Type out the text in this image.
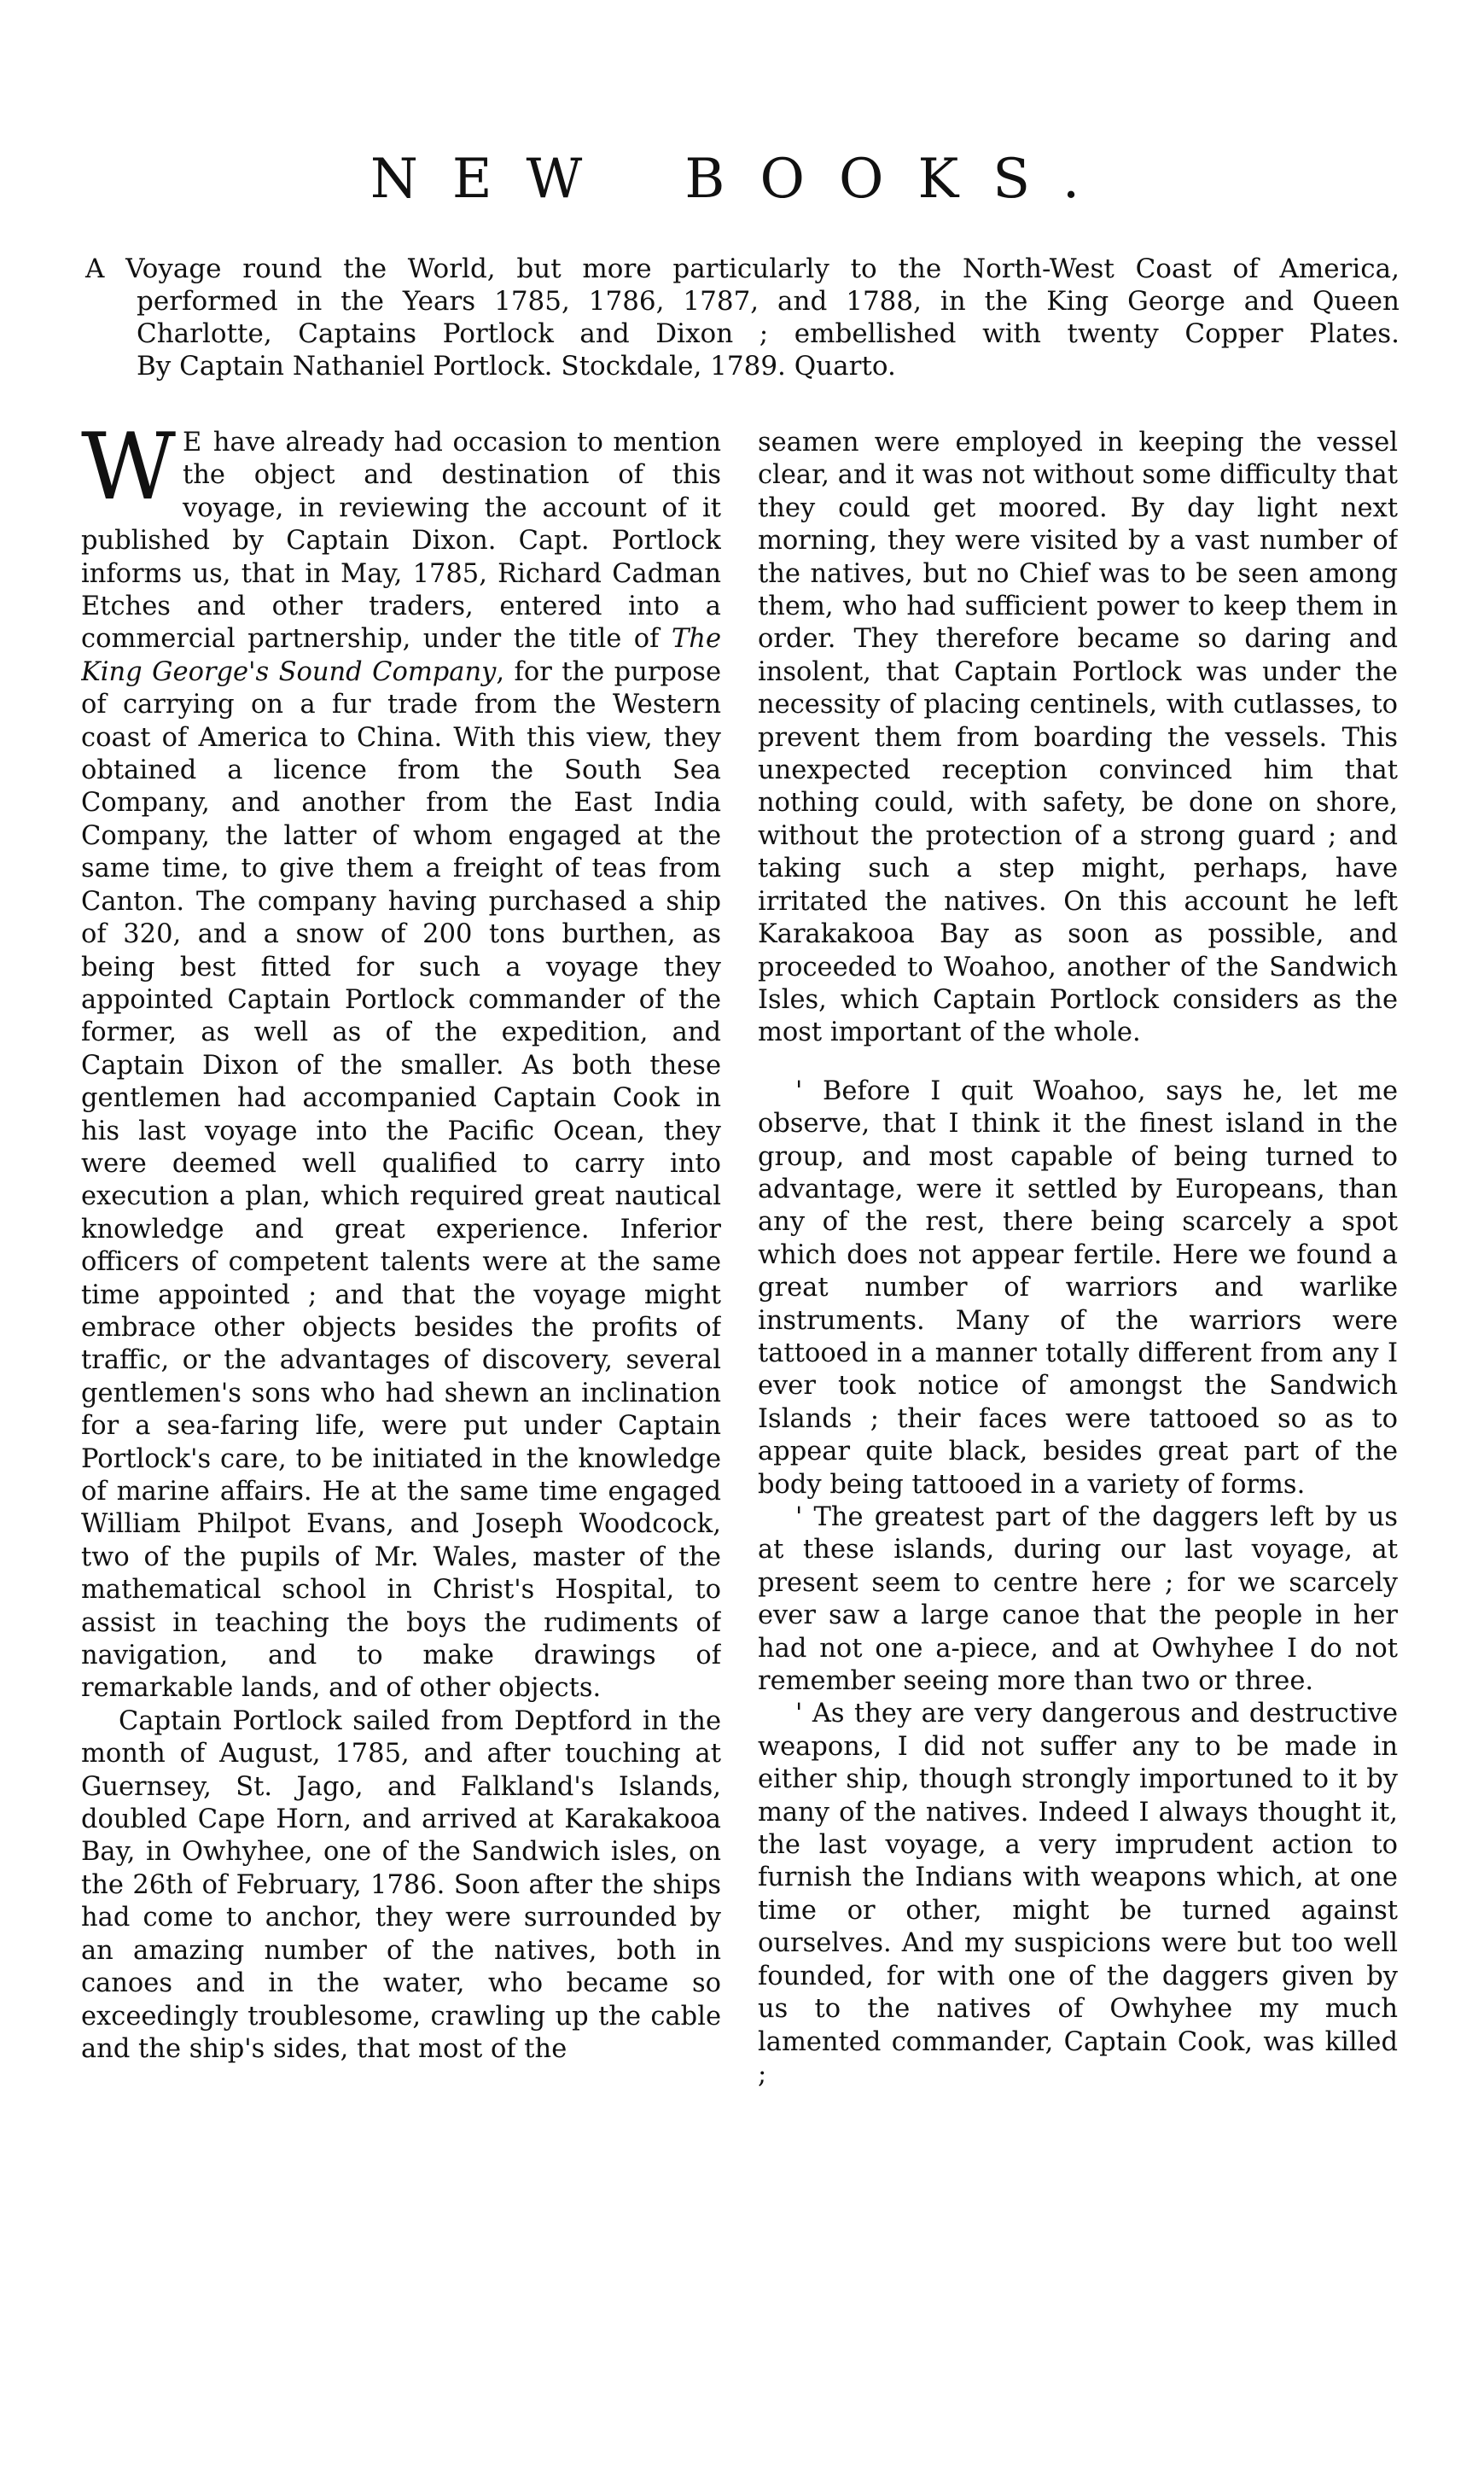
NEW BOOKS.
A Voyage round the World, but more particularly to the North-West Coast of America,
performed in the Years 1785, 1786, 1787, and 1788, in the King George and Queen
Charlotte, Captains Portlock and Dixon ; embellished with twenty Copper Plates.
By Captain Nathaniel Portlock. Stockdale, 1789. Quarto.

W E have already had occasion to mention the object and destination of this voyage, in reviewing the account of it published by Captain Dixon. Capt. Portlock informs us, that in May, 1785, Richard Cadman Etches and other traders, entered into a commercial partnership, under the title of The King George's Sound Company, for the purpose of carrying on a fur trade from the Western coast of America to China. With this view, they obtained a licence from the South Sea Company, and another from the East India Company, the latter of whom engaged at the same time, to give them a freight of teas from Canton. The company having purchased a ship of 320, and a snow of 200 tons burthen, as being best fitted for such a voyage they appointed Captain Portlock commander of the former, as well as of the expedition, and Captain Dixon of the smaller. As both these gentlemen had accompanied Captain Cook in his last voyage into the Pacific Ocean, they were deemed well qualified to carry into execution a plan, which required great nautical knowledge and great experience. Inferior officers of competent talents were at the same time appointed ; and that the voyage might embrace other objects besides the profits of traffic, or the advantages of discovery, several gentlemen's sons who had shewn an inclination for a sea-faring life, were put under Captain Portlock's care, to be initiated in the knowledge of marine affairs. He at the same time engaged William Philpot Evans, and Joseph Woodcock, two of the pupils of Mr. Wales, master of the mathematical school in Christ's Hospital, to assist in teaching the boys the rudiments of navigation, and to make drawings of remarkable lands, and of other objects.

Captain Portlock sailed from Deptford in the month of August, 1785, and after touching at Guernsey, St. Jago, and Falkland's Islands, doubled Cape Horn, and arrived at Karakakooa Bay, in Owhyhee, one of the Sandwich isles, on the 26th of February, 1786. Soon after the ships had come to anchor, they were surrounded by an amazing number of the natives, both in canoes and in the water, who became so exceedingly troublesome, crawling up the cable and the ship's sides, that most of the

seamen were employed in keeping the vessel clear, and it was not without some difficulty that they could get moored. By day light next morning, they were visited by a vast number of the natives, but no Chief was to be seen among them, who had sufficient power to keep them in order. They therefore became so daring and insolent, that Captain Portlock was under the necessity of placing centinels, with cutlasses, to prevent them from boarding the vessels. This unexpected reception convinced him that nothing could, with safety, be done on shore, without the protection of a strong guard ; and taking such a step might, perhaps, have irritated the natives. On this account he left Karakakooa Bay as soon as possible, and proceeded to Woahoo, another of the Sandwich Isles, which Captain Portlock considers as the most important of the whole.

' Before I quit Woahoo, says he, let me observe, that I think it the finest island in the group, and most capable of being turned to advantage, were it settled by Europeans, than any of the rest, there being scarcely a spot which does not appear fertile. Here we found a great number of warriors and warlike instruments. Many of the warriors were tattooed in a manner totally different from any I ever took notice of amongst the Sandwich Islands ; their faces were tattooed so as to appear quite black, besides great part of the body being tattooed in a variety of forms.

' The greatest part of the daggers left by us at these islands, during our last voyage, at present seem to centre here ; for we scarcely ever saw a large canoe that the people in her had not one a-piece, and at Owhyhee I do not remember seeing more than two or three.

' As they are very dangerous and destructive weapons, I did not suffer any to be made in either ship, though strongly importuned to it by many of the natives. Indeed I always thought it, the last voyage, a very imprudent action to furnish the Indians with weapons which, at one time or other, might be turned against ourselves. And my suspicions were but too well founded, for with one of the daggers given by us to the natives of Owhyhee my much lamented commander, Captain Cook, was killed ;
